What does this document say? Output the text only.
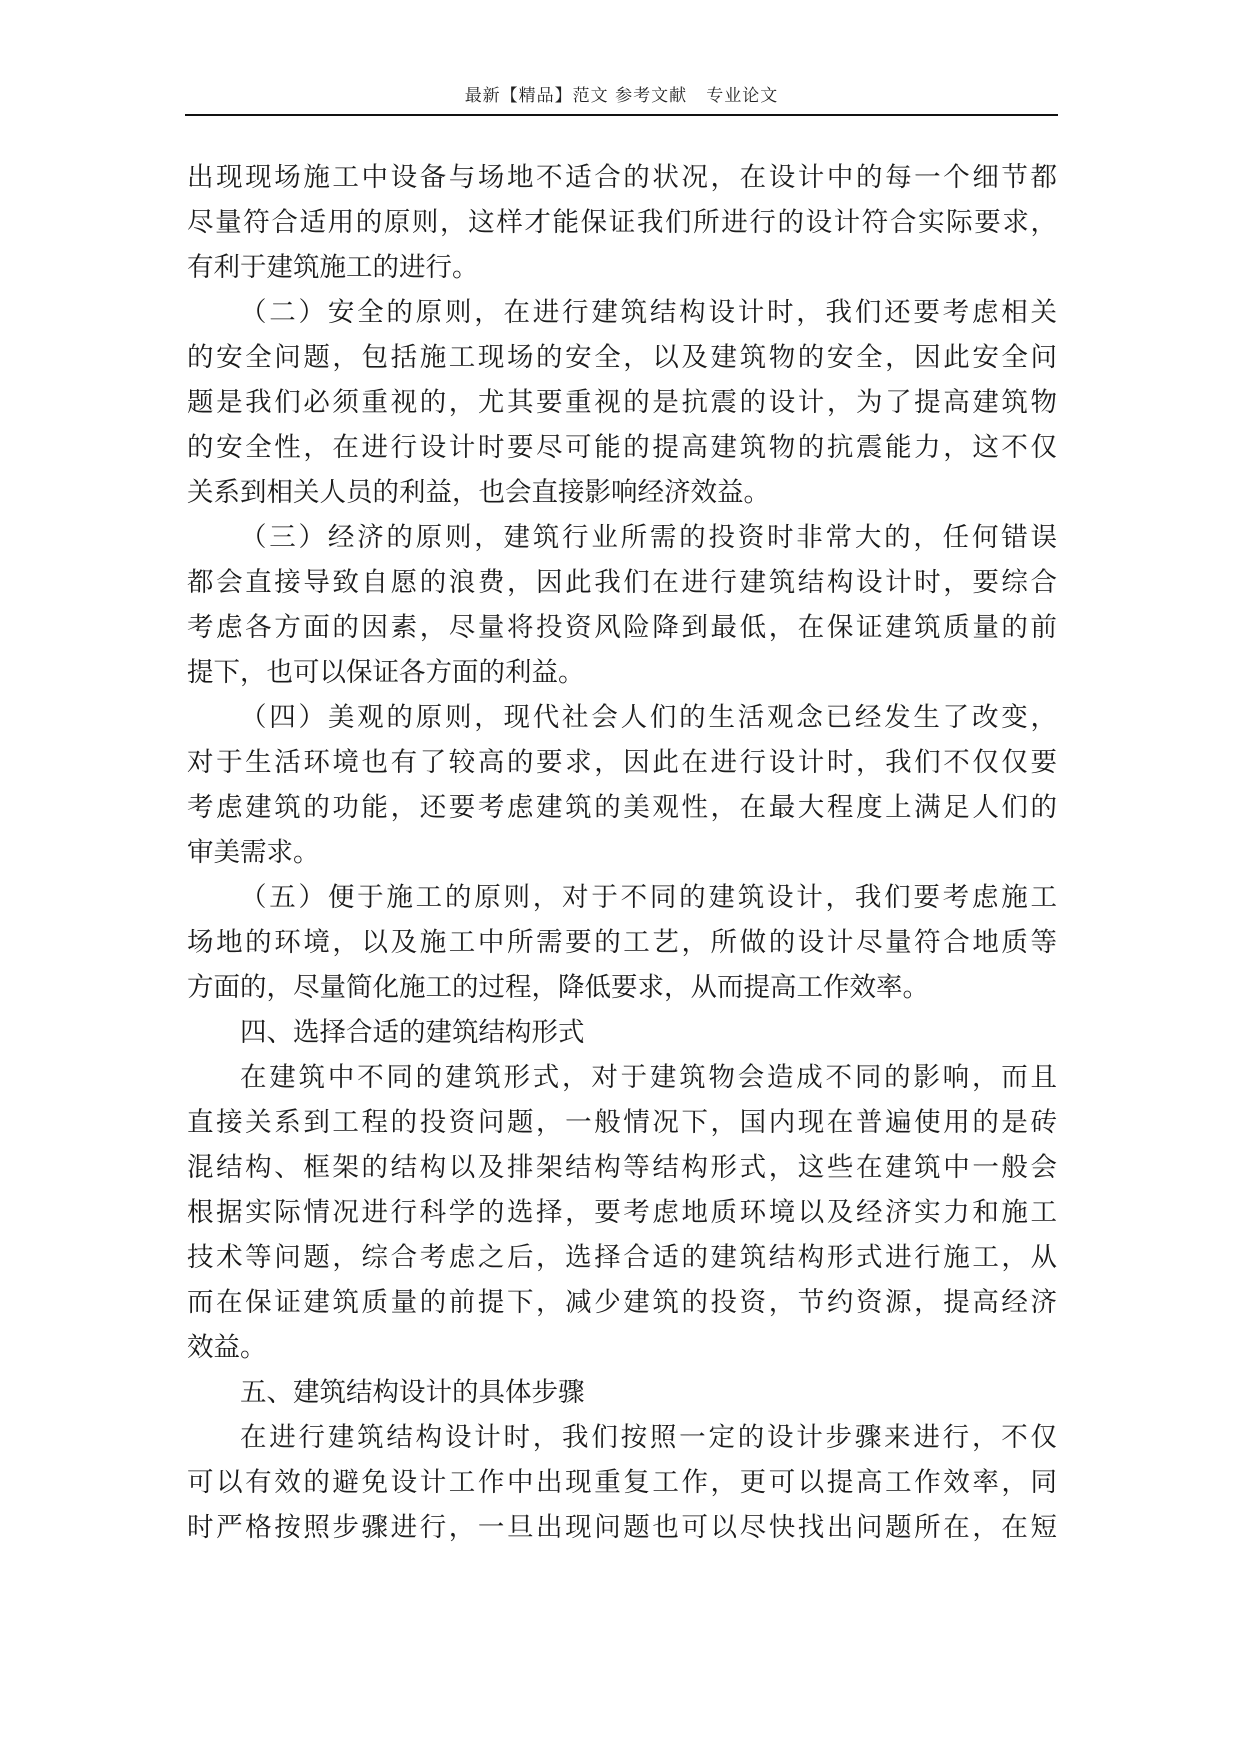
最新【精品】范文 参考文献   专业论文
出现现场施工中设备与场地不适合的状况，在设计中的每一个细节都
尽量符合适用的原则，这样才能保证我们所进行的设计符合实际要求，
有利于建筑施工的进行。
（二）安全的原则，在进行建筑结构设计时，我们还要考虑相关
的安全问题，包括施工现场的安全，以及建筑物的安全，因此安全问
题是我们必须重视的，尤其要重视的是抗震的设计，为了提高建筑物
的安全性，在进行设计时要尽可能的提高建筑物的抗震能力，这不仅
关系到相关人员的利益，也会直接影响经济效益。
（三）经济的原则，建筑行业所需的投资时非常大的，任何错误
都会直接导致自愿的浪费，因此我们在进行建筑结构设计时，要综合
考虑各方面的因素，尽量将投资风险降到最低，在保证建筑质量的前
提下，也可以保证各方面的利益。
（四）美观的原则，现代社会人们的生活观念已经发生了改变，
对于生活环境也有了较高的要求，因此在进行设计时，我们不仅仅要
考虑建筑的功能，还要考虑建筑的美观性，在最大程度上满足人们的
审美需求。
（五）便于施工的原则，对于不同的建筑设计，我们要考虑施工
场地的环境，以及施工中所需要的工艺，所做的设计尽量符合地质等
方面的，尽量简化施工的过程，降低要求，从而提高工作效率。
四、选择合适的建筑结构形式
在建筑中不同的建筑形式，对于建筑物会造成不同的影响，而且
直接关系到工程的投资问题，一般情况下，国内现在普遍使用的是砖
混结构、框架的结构以及排架结构等结构形式，这些在建筑中一般会
根据实际情况进行科学的选择，要考虑地质环境以及经济实力和施工
技术等问题，综合考虑之后，选择合适的建筑结构形式进行施工，从
而在保证建筑质量的前提下，减少建筑的投资，节约资源，提高经济
效益。
五、建筑结构设计的具体步骤
在进行建筑结构设计时，我们按照一定的设计步骤来进行，不仅
可以有效的避免设计工作中出现重复工作，更可以提高工作效率，同
时严格按照步骤进行，一旦出现问题也可以尽快找出问题所在，在短
